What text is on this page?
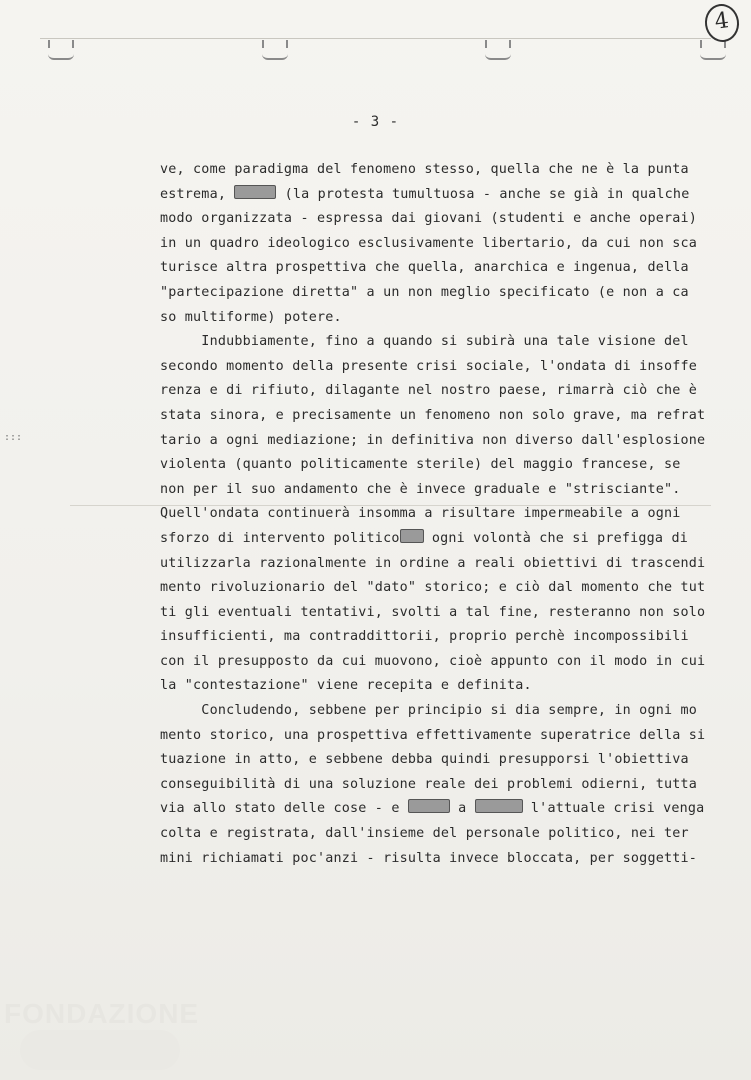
4
- 3 -
:::
ve, come paradigma del fenomeno stesso, quella che ne è la punta
estrema,	(la protesta tumultuosa - anche se già in qualche
modo organizzata - espressa dai giovani (studenti e anche operai)
in un quadro ideologico esclusivamente libertario, da cui non sca
turisce altra prospettiva che quella, anarchica e ingenua, della
"partecipazione diretta" a un non meglio specificato (e non a ca
so multiforme) potere.
Indubbiamente, fino a quando si subirà una tale visione del
secondo momento della presente crisi sociale, l'ondata di insoffe
renza e di rifiuto, dilagante nel nostro paese, rimarrà ciò che è
stata sinora, e precisamente un fenomeno non solo grave, ma refrat
tario a ogni mediazione; in definitiva non diverso dall'esplosione
violenta (quanto politicamente sterile) del maggio francese, se
non per il suo andamento che è invece graduale e "strisciante".
Quell'ondata continuerà insomma a risultare impermeabile a ogni
sforzo di intervento politico ogni volontà che si prefigga di
utilizzarla razionalmente in ordine a reali obiettivi di trascendi
mento rivoluzionario del "dato" storico; e ciò dal momento che tut
ti gli eventuali tentativi, svolti a tal fine, resteranno non solo
insufficienti, ma contraddittorii, proprio perchè incompossibili
con il presupposto da cui muovono, cioè appunto con il modo in cui
la "contestazione" viene recepita e definita.
Concludendo, sebbene per principio si dia sempre, in ogni mo
mento storico, una prospettiva effettivamente superatrice della si
tuazione in atto, e sebbene debba quindi presupporsi l'obiettiva
conseguibilità di una soluzione reale dei problemi odierni, tutta
via allo stato delle cose - e	a	l'attuale crisi venga
colta e registrata, dall'insieme del personale politico, nei ter
mini richiamati poc'anzi - risulta invece bloccata, per soggetti-
FONDAZIONE
